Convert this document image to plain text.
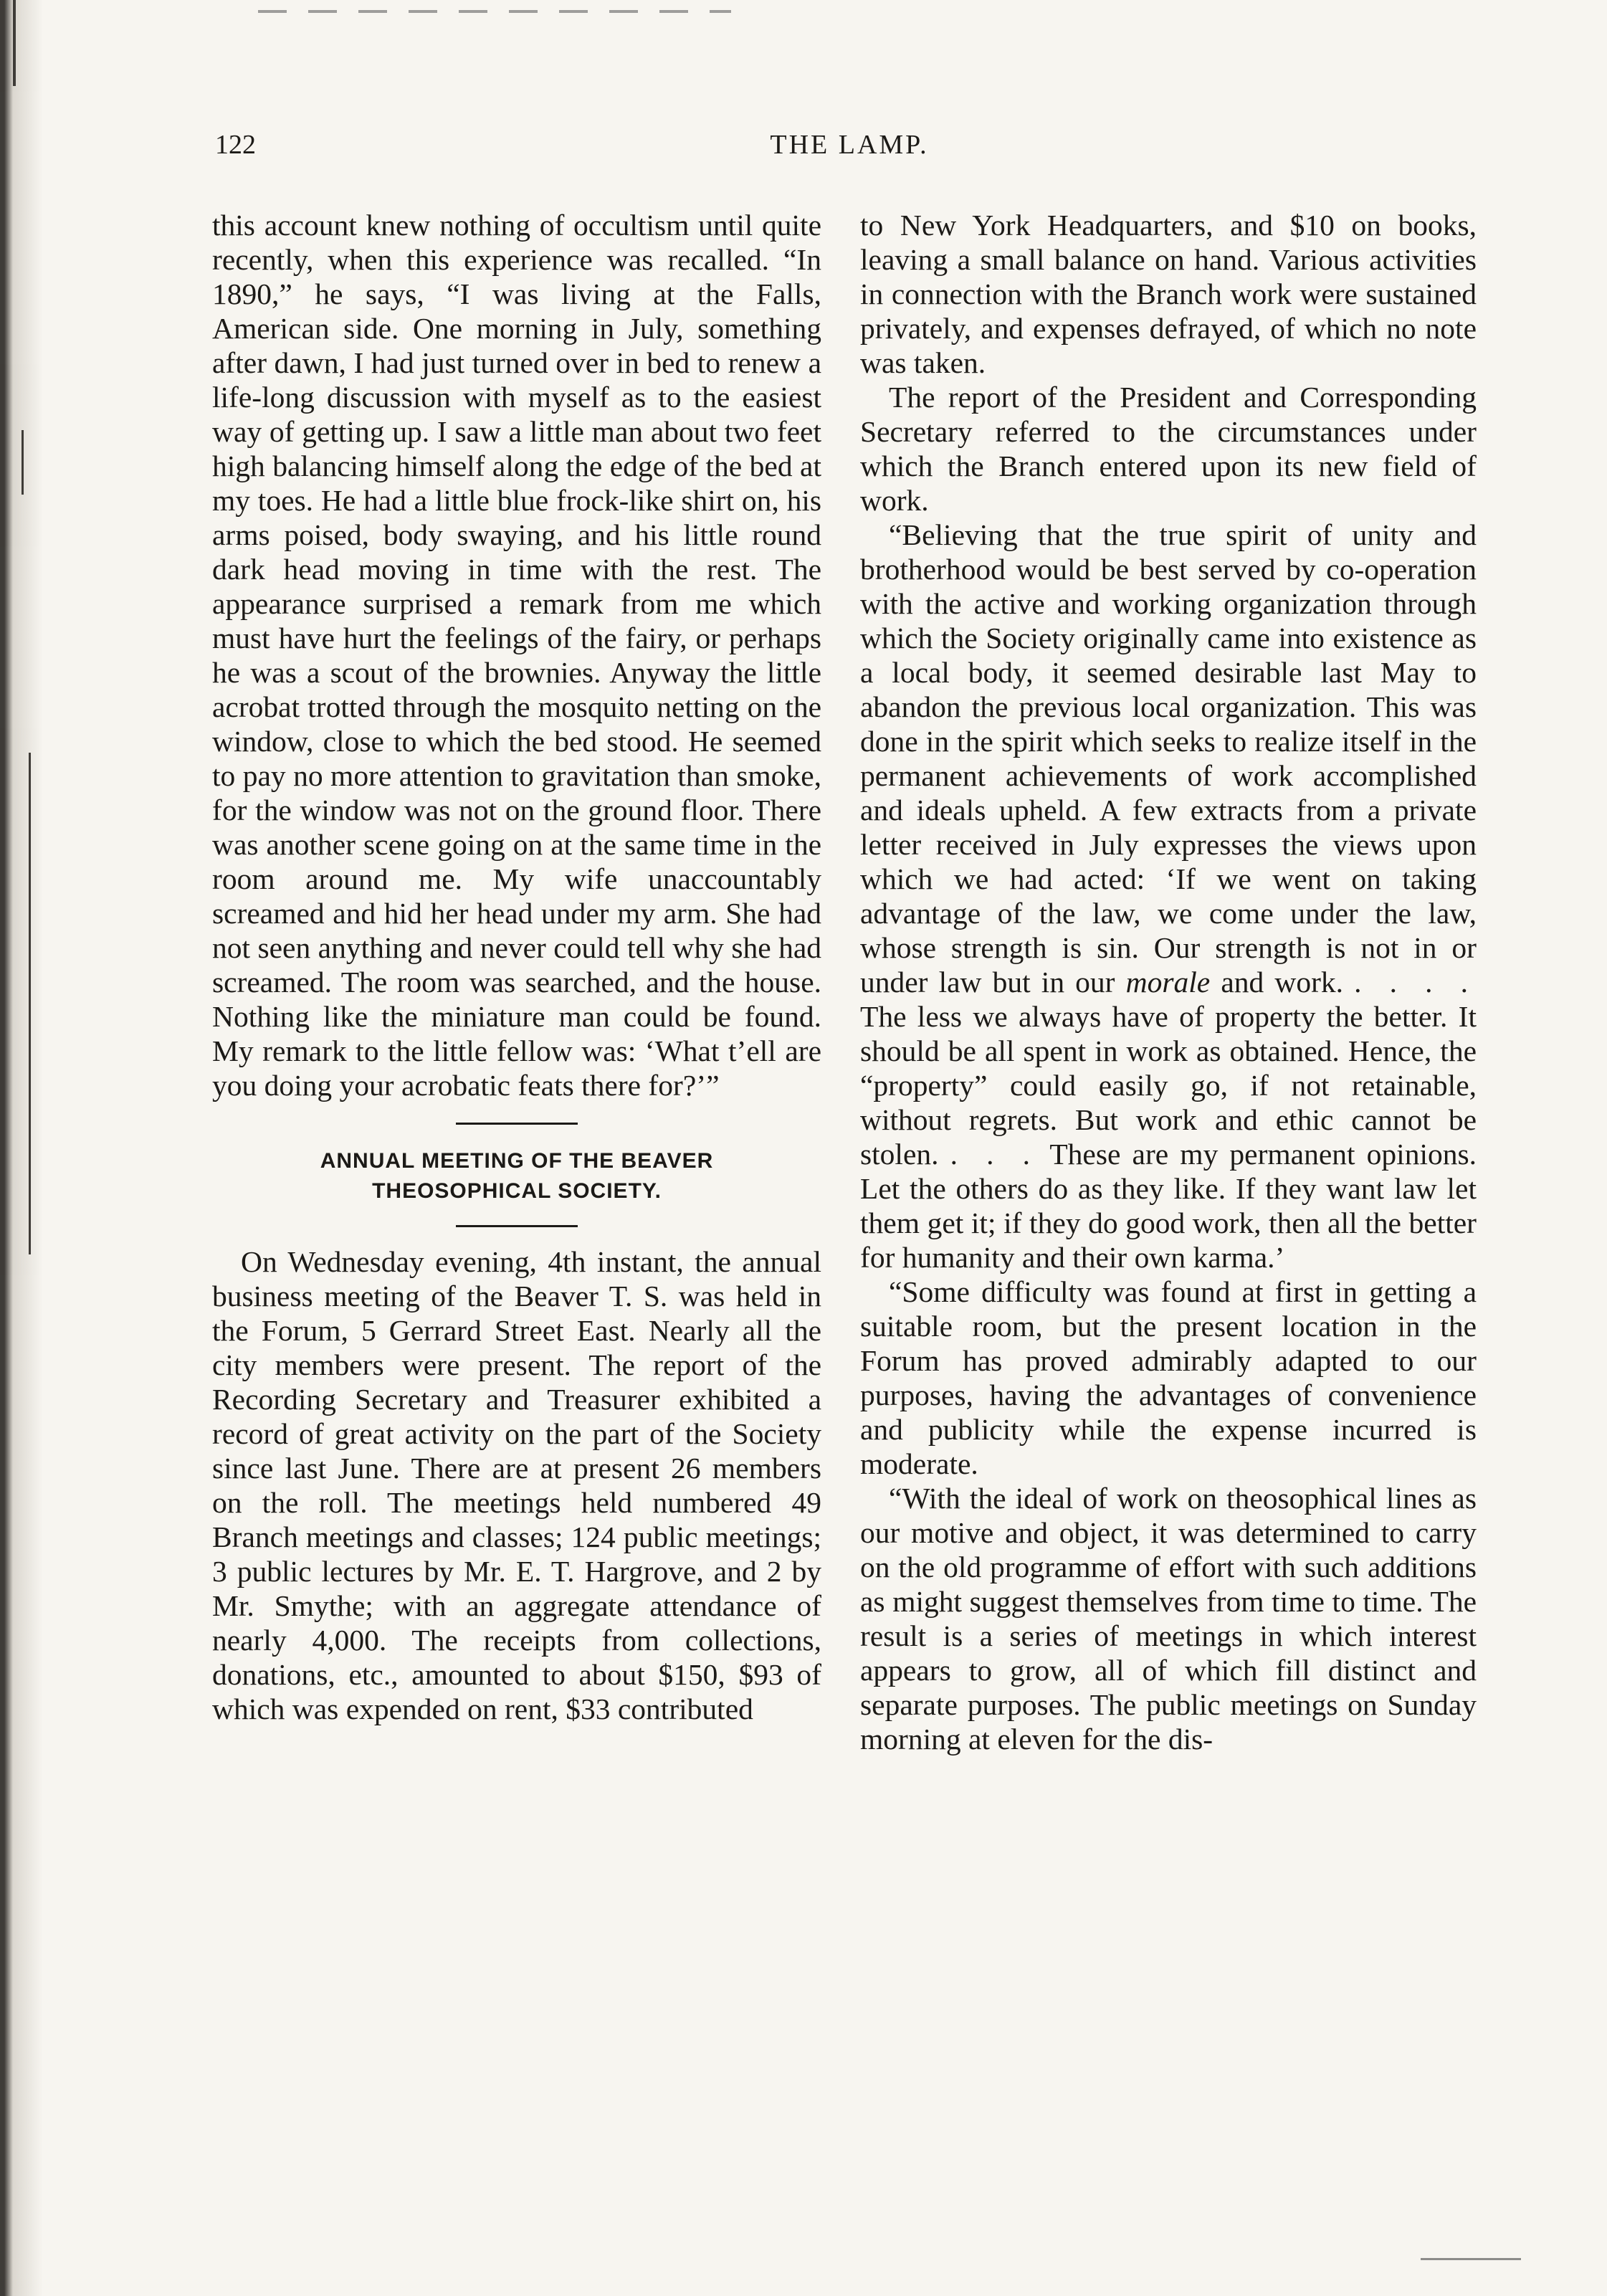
122	THE LAMP.

this account knew nothing of occultism until quite recently, when this experience was recalled. “In 1890,” he says, “I was living at the Falls, American side. One morning in July, something after dawn, I had just turned over in bed to renew a life-long discussion with myself as to the easiest way of getting up. I saw a little man about two feet high balancing himself along the edge of the bed at my toes. He had a little blue frock-like shirt on, his arms poised, body swaying, and his little round dark head moving in time with the rest. The appearance surprised a remark from me which must have hurt the feelings of the fairy, or perhaps he was a scout of the brownies. Anyway the little acrobat trotted through the mosquito netting on the window, close to which the bed stood. He seemed to pay no more attention to gravitation than smoke, for the window was not on the ground floor. There was another scene going on at the same time in the room around me. My wife unaccountably screamed and hid her head under my arm. She had not seen anything and never could tell why she had screamed. The room was searched, and the house. Nothing like the miniature man could be found. My remark to the little fellow was: ‘What t’ell are you doing your acrobatic feats there for?’”

ANNUAL MEETING OF THE BEAVER
THEOSOPHICAL SOCIETY.

On Wednesday evening, 4th instant, the annual business meeting of the Beaver T. S. was held in the Forum, 5 Gerrard Street East. Nearly all the city members were present. The report of the Recording Secretary and Treasurer exhibited a record of great activity on the part of the Society since last June. There are at present 26 members on the roll. The meetings held numbered 49 Branch meetings and classes; 124 public meetings; 3 public lectures by Mr. E. T. Hargrove, and 2 by Mr. Smythe; with an aggregate attendance of nearly 4,000. The receipts from collections, donations, etc., amounted to about $150, $93 of which was expended on rent, $33 contributed

to New York Headquarters, and $10 on books, leaving a small balance on hand. Various activities in connection with the Branch work were sustained privately, and expenses defrayed, of which no note was taken.

The report of the President and Corresponding Secretary referred to the circumstances under which the Branch entered upon its new field of work.

“Believing that the true spirit of unity and brotherhood would be best served by co-operation with the active and working organization through which the Society originally came into existence as a local body, it seemed desirable last May to abandon the previous local organization. This was done in the spirit which seeks to realize itself in the permanent achievements of work accomplished and ideals upheld. A few extracts from a private letter received in July expresses the views upon which we had acted: ‘If we went on taking advantage of the law, we come under the law, whose strength is sin. Our strength is not in or under law but in our morale and work. . . . . The less we always have of property the better. It should be all spent in work as obtained. Hence, the “property” could easily go, if not retainable, without regrets. But work and ethic cannot be stolen. . . . These are my permanent opinions. Let the others do as they like. If they want law let them get it; if they do good work, then all the better for humanity and their own karma.’

“Some difficulty was found at first in getting a suitable room, but the present location in the Forum has proved admirably adapted to our purposes, having the advantages of convenience and publicity while the expense incurred is moderate.

“With the ideal of work on theosophical lines as our motive and object, it was determined to carry on the old programme of effort with such additions as might suggest themselves from time to time. The result is a series of meetings in which interest appears to grow, all of which fill distinct and separate purposes. The public meetings on Sunday morning at eleven for the dis-
